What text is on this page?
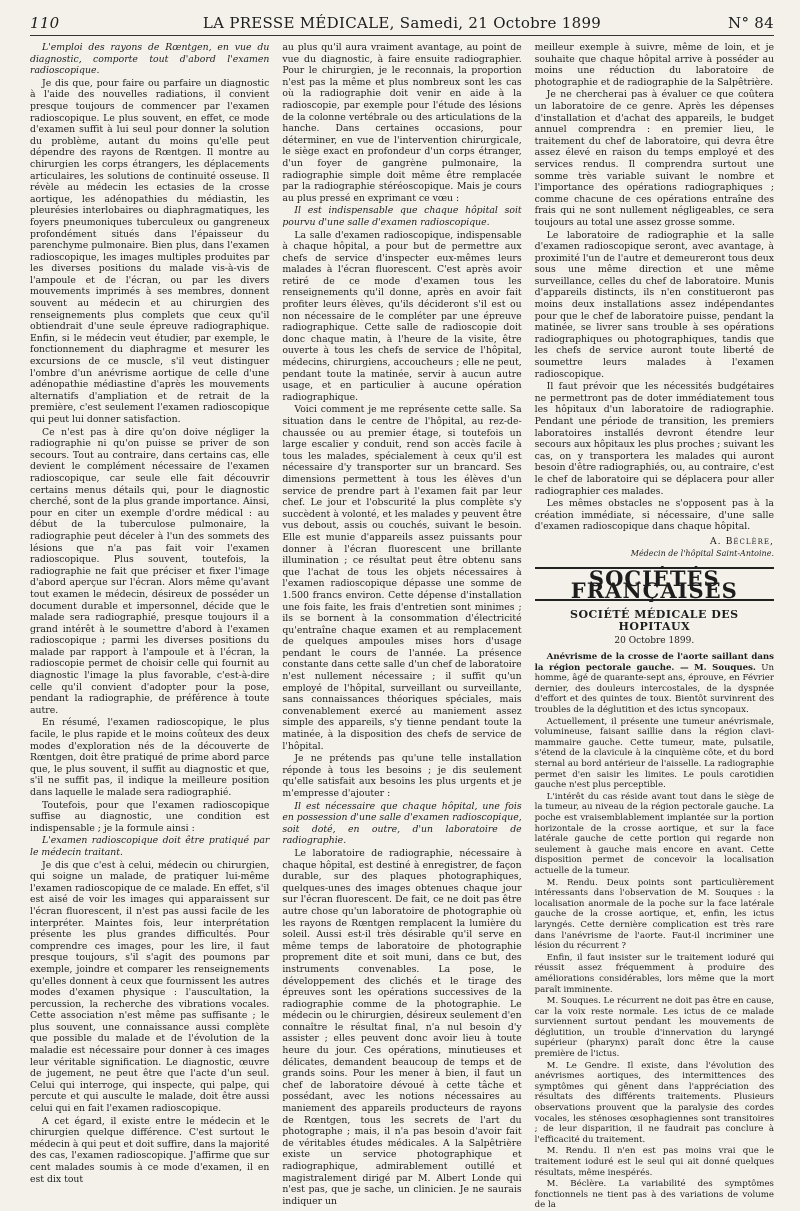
110	LA PRESSE MÉDICALE, Samedi, 21 Octobre 1899	N° 84

L'emploi des rayons de Rœntgen, en vue du diagnostic, comporte tout d'abord l'examen radioscopique.

Je dis que, pour faire ou parfaire un diagnostic à l'aide des nouvelles radiations, il convient presque toujours de commencer par l'examen radioscopique. Le plus souvent, en effet, ce mode d'examen suffit à lui seul pour donner la solution du problème, autant du moins qu'elle peut dépendre des rayons de Rœntgen. Il montre au chirurgien les corps étrangers, les déplacements articulaires, les solutions de continuité osseuse. Il révèle au médecin les ectasies de la crosse aortique, les adénopathies du médiastin, les pleurésies interlobaires ou diaphragmatiques, les foyers pneumoniques tuberculeux ou gangreneux profondément situés dans l'épaisseur du parenchyme pulmonaire. Bien plus, dans l'examen radioscopique, les images multiples produites par les diverses positions du malade vis-à-vis de l'ampoule et de l'écran, ou par les divers mouvements imprimés à ses membres, donnent souvent au médecin et au chirurgien des renseignements plus complets que ceux qu'il obtiendrait d'une seule épreuve radiographique. Enfin, si le médecin veut étudier, par exemple, le fonctionnement du diaphragme et mesurer les excursions de ce muscle, s'il veut distinguer l'ombre d'un anévrisme aortique de celle d'une adénopathie médiastine d'après les mouvements alternatifs d'ampliation et de retrait de la première, c'est seulement l'examen radioscopique qui peut lui donner satisfaction.

Ce n'est pas à dire qu'on doive négliger la radiographie ni qu'on puisse se priver de son secours. Tout au contraire, dans certains cas, elle devient le complément nécessaire de l'examen radioscopique, car seule elle fait découvrir certains menus détails qui, pour le diagnostic cherché, sont de la plus grande importance. Ainsi, pour en citer un exemple d'ordre médical : au début de la tuberculose pulmonaire, la radiographie peut déceler à l'un des sommets des lésions que n'a pas fait voir l'examen radioscopique. Plus souvent, toutefois, la radiographie ne fait que préciser et fixer l'image d'abord aperçue sur l'écran. Alors même qu'avant tout examen le médecin, désireux de posséder un document durable et impersonnel, décide que le malade sera radiographié, presque toujours il a grand intérêt à le soumettre d'abord à l'examen radioscopique ; parmi les diverses positions du malade par rapport à l'ampoule et à l'écran, la radioscopie permet de choisir celle qui fournit au diagnostic l'image la plus favorable, c'est-à-dire celle qu'il convient d'adopter pour la pose, pendant la radiographie, de préférence à toute autre.

En résumé, l'examen radioscopique, le plus facile, le plus rapide et le moins coûteux des deux modes d'exploration nés de la découverte de Rœntgen, doit être pratiqué de prime abord parce que, le plus souvent, il suffit au diagnostic et que, s'il ne suffit pas, il indique la meilleure position dans laquelle le malade sera radiographié.

Toutefois, pour que l'examen radioscopique suffise au diagnostic, une condition est indispensable ; je la formule ainsi :

L'examen radioscopique doit être pratiqué par le médecin traitant.

Je dis que c'est à celui, médecin ou chirurgien, qui soigne un malade, de pratiquer lui-même l'examen radioscopique de ce malade. En effet, s'il est aisé de voir les images qui apparaissent sur l'écran fluorescent, il n'est pas aussi facile de les interpréter. Maintes fois, leur interprétation présente les plus grandes difficultés. Pour comprendre ces images, pour les lire, il faut presque toujours, s'il s'agit des poumons par exemple, joindre et comparer les renseignements qu'elles donnent à ceux que fournissent les autres modes d'examen physique : l'auscultation, la percussion, la recherche des vibrations vocales. Cette association n'est même pas suffisante ; le plus souvent, une connaissance aussi complète que possible du malade et de l'évolution de la maladie est nécessaire pour donner à ces images leur véritable signification. Le diagnostic, œuvre de jugement, ne peut être que l'acte d'un seul. Celui qui interroge, qui inspecte, qui palpe, qui percute et qui ausculte le malade, doit être aussi celui qui en fait l'examen radioscopique.

A cet égard, il existe entre le médecin et le chirurgien quelque différence. C'est surtout le médecin à qui peut et doit suffire, dans la majorité des cas, l'examen radioscopique. J'affirme que sur cent malades soumis à ce mode d'examen, il en est dix tout

au plus qu'il aura vraiment avantage, au point de vue du diagnostic, à faire ensuite radiographier. Pour le chirurgien, je le reconnais, la proportion n'est pas la même et plus nombreux sont les cas où la radiographie doit venir en aide à la radioscopie, par exemple pour l'étude des lésions de la colonne vertébrale ou des articulations de la hanche. Dans certaines occasions, pour déterminer, en vue de l'intervention chirurgicale, le siège exact en profondeur d'un corps étranger, d'un foyer de gangrène pulmonaire, la radiographie simple doit même être remplacée par la radiographie stéréoscopique. Mais je cours au plus pressé en exprimant ce vœu :

Il est indispensable que chaque hôpital soit pourvu d'une salle d'examen radioscopique.

La salle d'examen radioscopique, indispensable à chaque hôpital, a pour but de permettre aux chefs de service d'inspecter eux-mêmes leurs malades à l'écran fluorescent. C'est après avoir retiré de ce mode d'examen tous les renseignements qu'il donne, après en avoir fait profiter leurs élèves, qu'ils décideront s'il est ou non nécessaire de le compléter par une épreuve radiographique. Cette salle de radioscopie doit donc chaque matin, à l'heure de la visite, être ouverte à tous les chefs de service de l'hôpital, médecins, chirurgiens, accoucheurs ; elle ne peut, pendant toute la matinée, servir à aucun autre usage, et en particulier à aucune opération radiographique.

Voici comment je me représente cette salle. Sa situation dans le centre de l'hôpital, au rez-de-chaussée ou au premier étage, si toutefois un large escalier y conduit, rend son accès facile à tous les malades, spécialement à ceux qu'il est nécessaire d'y transporter sur un brancard. Ses dimensions permettent à tous les élèves d'un service de prendre part à l'examen fait par leur chef. Le jour et l'obscurité la plus complète s'y succèdent à volonté, et les malades y peuvent être vus debout, assis ou couchés, suivant le besoin. Elle est munie d'appareils assez puissants pour donner à l'écran fluorescent une brillante illumination ; ce résultat peut être obtenu sans que l'achat de tous les objets nécessaires à l'examen radioscopique dépasse une somme de 1.500 francs environ. Cette dépense d'installation une fois faite, les frais d'entretien sont minimes ; ils se bornent à la consommation d'électricité qu'entraîne chaque examen et au remplacement de quelques ampoules mises hors d'usage pendant le cours de l'année. La présence constante dans cette salle d'un chef de laboratoire n'est nullement nécessaire ; il suffit qu'un employé de l'hôpital, surveillant ou surveillante, sans connaissances théoriques spéciales, mais convenablement exercé au maniement assez simple des appareils, s'y tienne pendant toute la matinée, à la disposition des chefs de service de l'hôpital.

Je ne prétends pas qu'une telle installation réponde à tous les besoins ; je dis seulement qu'elle satisfait aux besoins les plus urgents et je m'empresse d'ajouter :

Il est nécessaire que chaque hôpital, une fois en possession d'une salle d'examen radioscopique, soit doté, en outre, d'un laboratoire de radiographie.

Le laboratoire de radiographie, nécessaire à chaque hôpital, est destiné à enregistrer, de façon durable, sur des plaques photographiques, quelques-unes des images obtenues chaque jour sur l'écran fluorescent. De fait, ce ne doit pas être autre chose qu'un laboratoire de photographie où les rayons de Rœntgen remplacent la lumière du soleil. Aussi est-il très désirable qu'il serve en même temps de laboratoire de photographie proprement dite et soit muni, dans ce but, des instruments convenables. La pose, le développement des clichés et le tirage des épreuves sont les opérations successives de la radiographie comme de la photographie. Le médecin ou le chirurgien, désireux seulement d'en connaître le résultat final, n'a nul besoin d'y assister ; elles peuvent donc avoir lieu à toute heure du jour. Ces opérations, minutieuses et délicates, demandent beaucoup de temps et de grands soins. Pour les mener à bien, il faut un chef de laboratoire dévoué à cette tâche et possédant, avec les notions nécessaires au maniement des appareils producteurs de rayons de Rœntgen, tous les secrets de l'art du photographe ; mais, il n'a pas besoin d'avoir fait de véritables études médicales. A la Salpêtrière existe un service photographique et radiographique, admirablement outillé et magistralement dirigé par M. Albert Londe qui n'est pas, que je sache, un clinicien. Je ne saurais indiquer un

meilleur exemple à suivre, même de loin, et je souhaite que chaque hôpital arrive à posséder au moins une réduction du laboratoire de photographie et de radiographie de la Salpêtrière.

Je ne chercherai pas à évaluer ce que coûtera un laboratoire de ce genre. Après les dépenses d'installation et d'achat des appareils, le budget annuel comprendra : en premier lieu, le traitement du chef de laboratoire, qui devra être assez élevé en raison du temps employé et des services rendus. Il comprendra surtout une somme très variable suivant le nombre et l'importance des opérations radiographiques ; comme chacune de ces opérations entraîne des frais qui ne sont nullement négligeables, ce sera toujours au total une assez grosse somme.

Le laboratoire de radiographie et la salle d'examen radioscopique seront, avec avantage, à proximité l'un de l'autre et demeureront tous deux sous une même direction et une même surveillance, celles du chef de laboratoire. Munis d'appareils distincts, ils n'en constitueront pas moins deux installations assez indépendantes pour que le chef de laboratoire puisse, pendant la matinée, se livrer sans trouble à ses opérations radiographiques ou photographiques, tandis que les chefs de service auront toute liberté de soumettre leurs malades à l'examen radioscopique.

Il faut prévoir que les nécessités budgétaires ne permettront pas de doter immédiatement tous les hôpitaux d'un laboratoire de radiographie. Pendant une période de transition, les premiers laboratoires installés devront étendre leur secours aux hôpitaux les plus proches ; suivant les cas, on y transportera les malades qui auront besoin d'être radiographiés, ou, au contraire, c'est le chef de laboratoire qui se déplacera pour aller radiographier ces malades.

Les mêmes obstacles ne s'opposent pas à la création immédiate, si nécessaire, d'une salle d'examen radioscopique dans chaque hôpital.

A. Béclère,
Médecin de l'hôpital Saint-Antoine.
SOCIÉTÉS FRANÇAISES
SOCIÉTÉ MÉDICALE DES HOPITAUX
20 Octobre 1899.

Anévrisme de la crosse de l'aorte saillant dans la région pectorale gauche. — M. Souques. Un homme, âgé de quarante-sept ans, éprouve, en Février dernier, des douleurs intercostales, de la dyspnée d'effort et des quintes de toux. Bientôt survinrent des troubles de la déglutition et des ictus syncopaux.

Actuellement, il présente une tumeur anévrismale, volumineuse, faisant saillie dans la région clavi-mammaire gauche. Cette tumeur, mate, pulsatile, s'étend de la clavicule à la cinquième côte, et du bord sternal au bord antérieur de l'aisselle. La radiographie permet d'en saisir les limites. Le pouls carotidien gauche n'est plus perceptible.

L'intérêt du cas réside avant tout dans le siège de la tumeur, au niveau de la région pectorale gauche. La poche est vraisemblablement implantée sur la portion horizontale de la crosse aortique, et sur la face latérale gauche de cette portion qui regarde non seulement à gauche mais encore en avant. Cette disposition permet de concevoir la localisation actuelle de la tumeur.

M. Rendu. Deux points sont particulièrement intéressants dans l'observation de M. Souques : la localisation anormale de la poche sur la face latérale gauche de la crosse aortique, et, enfin, les ictus laryngés. Cette dernière complication est très rare dans l'anévrisme de l'aorte. Faut-il incriminer une lésion du récurrent ?

Enfin, il faut insister sur le traitement ioduré qui réussit assez fréquemment à produire des améliorations considérables, lors même que la mort paraît imminente.

M. Souques. Le récurrent ne doit pas être en cause, car la voix reste normale. Les ictus de ce malade surviennent surtout pendant les mouvements de déglutition, un trouble d'innervation du laryngé supérieur (pharynx) paraît donc être la cause première de l'ictus.

M. Le Gendre. Il existe, dans l'évolution des anévrismes aortiques, des intermittences des symptômes qui gênent dans l'appréciation des résultats des différents traitements. Plusieurs observations prouvent que la paralysie des cordes vocales, les sténoses œsophagiennes sont transitoires ; de leur disparition, il ne faudrait pas conclure à l'efficacité du traitement.

M. Rendu. Il n'en est pas moins vrai que le traitement ioduré est le seul qui ait donné quelques résultats, même inespérés.

M. Béclère. La variabilité des symptômes fonctionnels ne tient pas à des variations de volume de la
